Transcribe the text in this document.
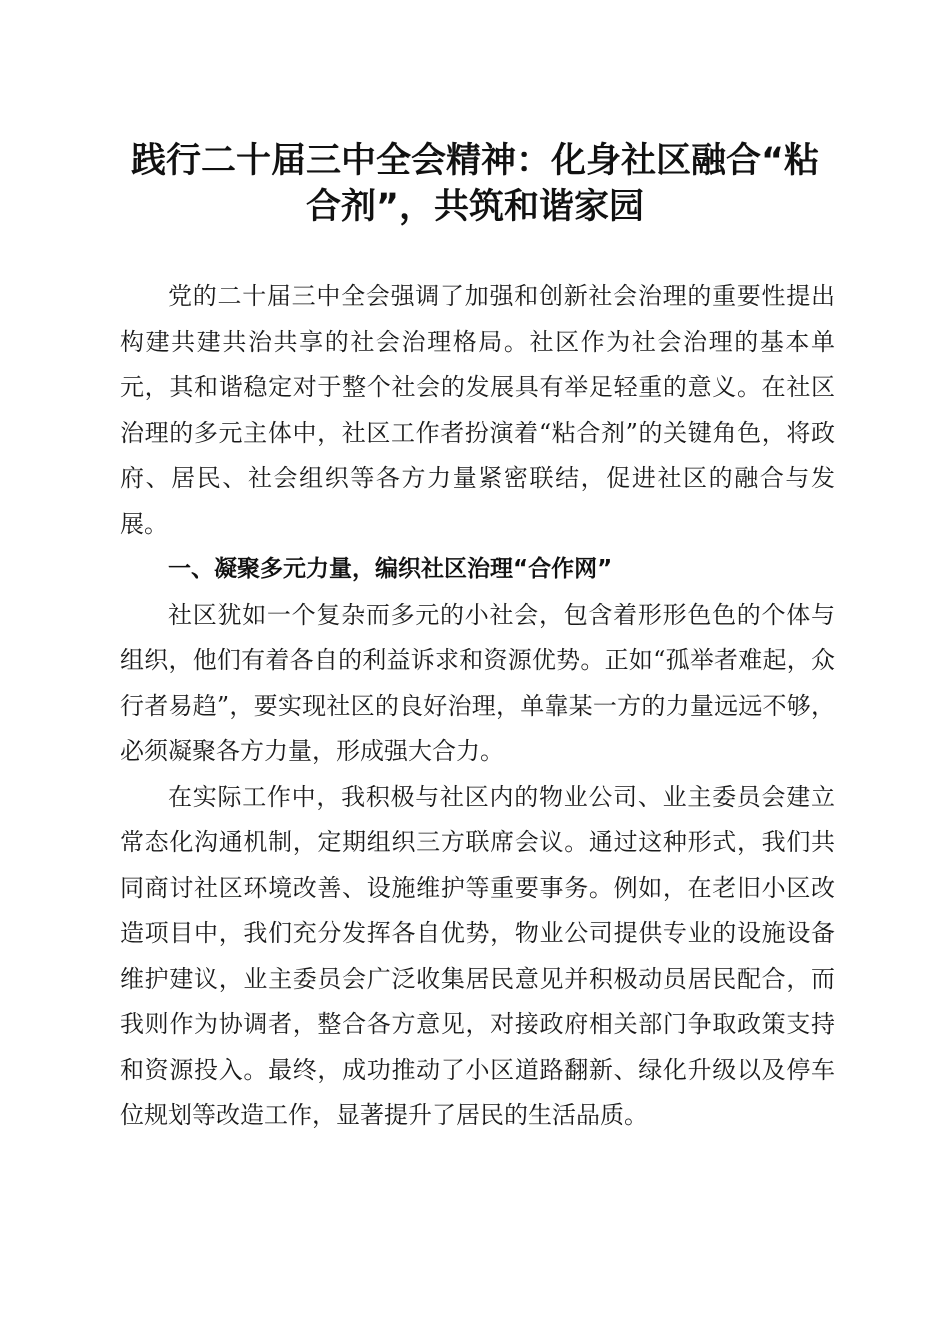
践行二十届三中全会精神：化身社区融合“粘
合剂”，共筑和谐家园

党的二十届三中全会强调了加强和创新社会治理的重要性提出构建共建共治共享的社会治理格局。社区作为社会治理的基本单元，其和谐稳定对于整个社会的发展具有举足轻重的意义。在社区治理的多元主体中，社区工作者扮演着“粘合剂”的关键角色，将政府、居民、社会组织等各方力量紧密联结，促进社区的融合与发展。

一、凝聚多元力量，编织社区治理“合作网”

社区犹如一个复杂而多元的小社会，包含着形形色色的个体与组织，他们有着各自的利益诉求和资源优势。正如“孤举者难起，众行者易趋”，要实现社区的良好治理，单靠某一方的力量远远不够，必须凝聚各方力量，形成强大合力。

在实际工作中，我积极与社区内的物业公司、业主委员会建立常态化沟通机制，定期组织三方联席会议。通过这种形式，我们共同商讨社区环境改善、设施维护等重要事务。例如，在老旧小区改造项目中，我们充分发挥各自优势，物业公司提供专业的设施设备维护建议，业主委员会广泛收集居民意见并积极动员居民配合，而我则作为协调者，整合各方意见，对接政府相关部门争取政策支持和资源投入。最终，成功推动了小区道路翻新、绿化升级以及停车位规划等改造工作，显著提升了居民的生活品质。
